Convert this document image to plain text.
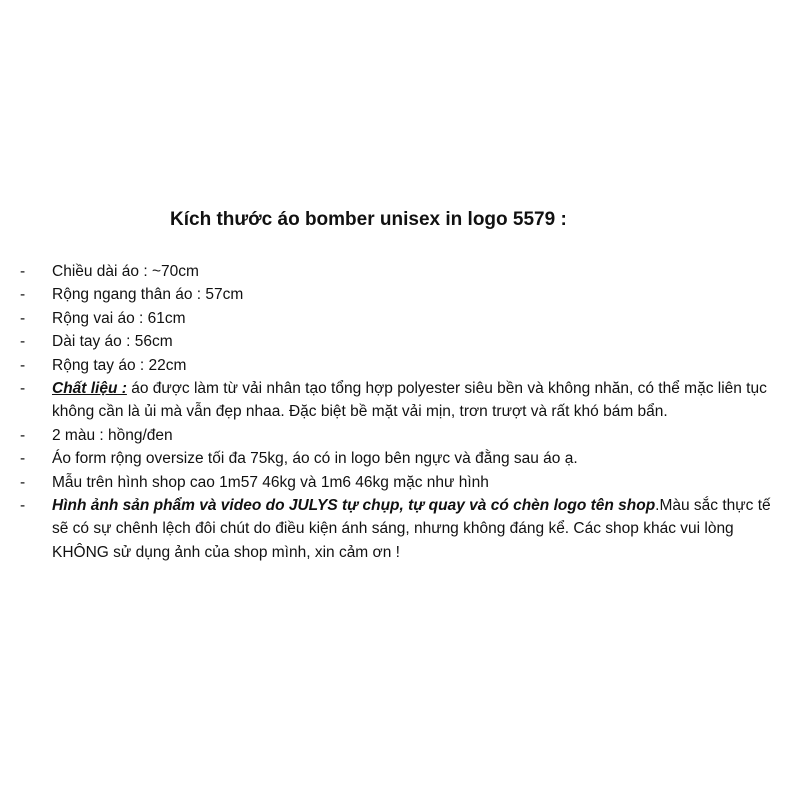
Kích thước áo bomber unisex in logo 5579 :
- Chiều dài áo : ~70cm
- Rộng ngang thân áo : 57cm
- Rộng vai áo : 61cm
- Dài tay áo : 56cm
- Rộng tay áo : 22cm
- Chất liệu : áo được làm từ vải nhân tạo tổng hợp polyester siêu bền và không nhăn, có thể mặc liên tục không cần là ủi mà vẫn đẹp nhaa. Đặc biệt bề mặt vải mịn, trơn trượt và rất khó bám bẩn.
- 2 màu : hồng/đen
- Áo form rộng oversize tối đa 75kg, áo có in logo bên ngực và đằng sau áo ạ.
- Mẫu trên hình shop cao 1m57 46kg và 1m6 46kg mặc như hình
- Hình ảnh sản phẩm và video do JULYS tự chụp, tự quay và có chèn logo tên shop.Màu sắc thực tế sẽ có sự chênh lệch đôi chút do điều kiện ánh sáng, nhưng không đáng kể. Các shop khác vui lòng KHÔNG sử dụng ảnh của shop mình, xin cảm ơn !
